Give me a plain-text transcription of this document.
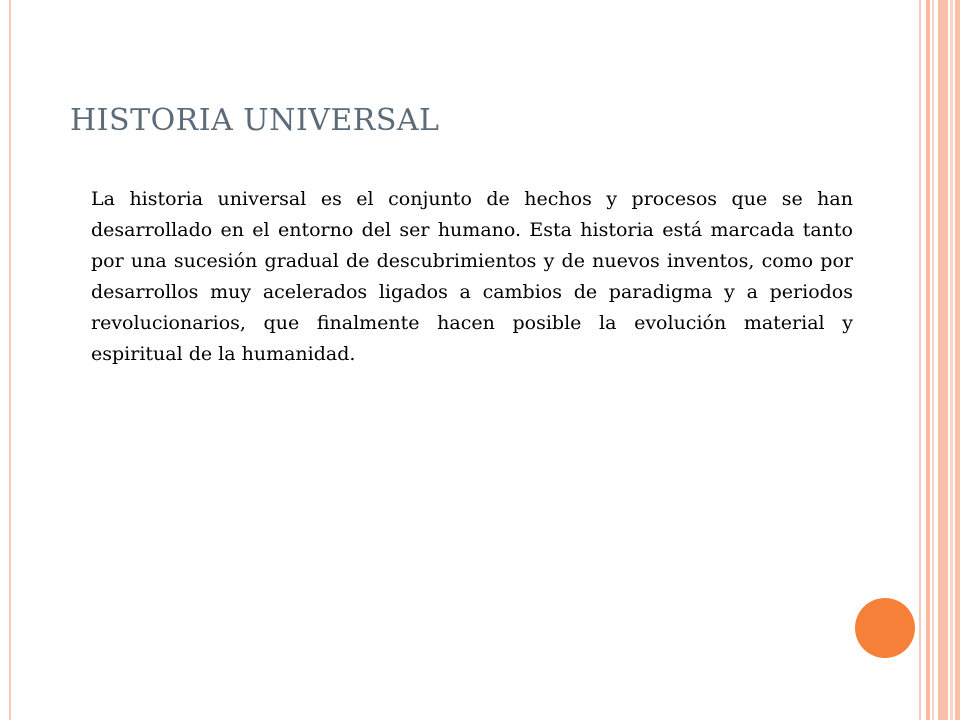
HISTORIA UNIVERSAL

La historia universal es el conjunto de hechos y procesos que se han desarrollado en el entorno del ser humano. Esta historia está marcada tanto por una sucesión gradual de descubrimientos y de nuevos inventos, como por desarrollos muy acelerados ligados a cambios de paradigma y a periodos revolucionarios, que finalmente hacen posible la evolución material y espiritual de la humanidad.
